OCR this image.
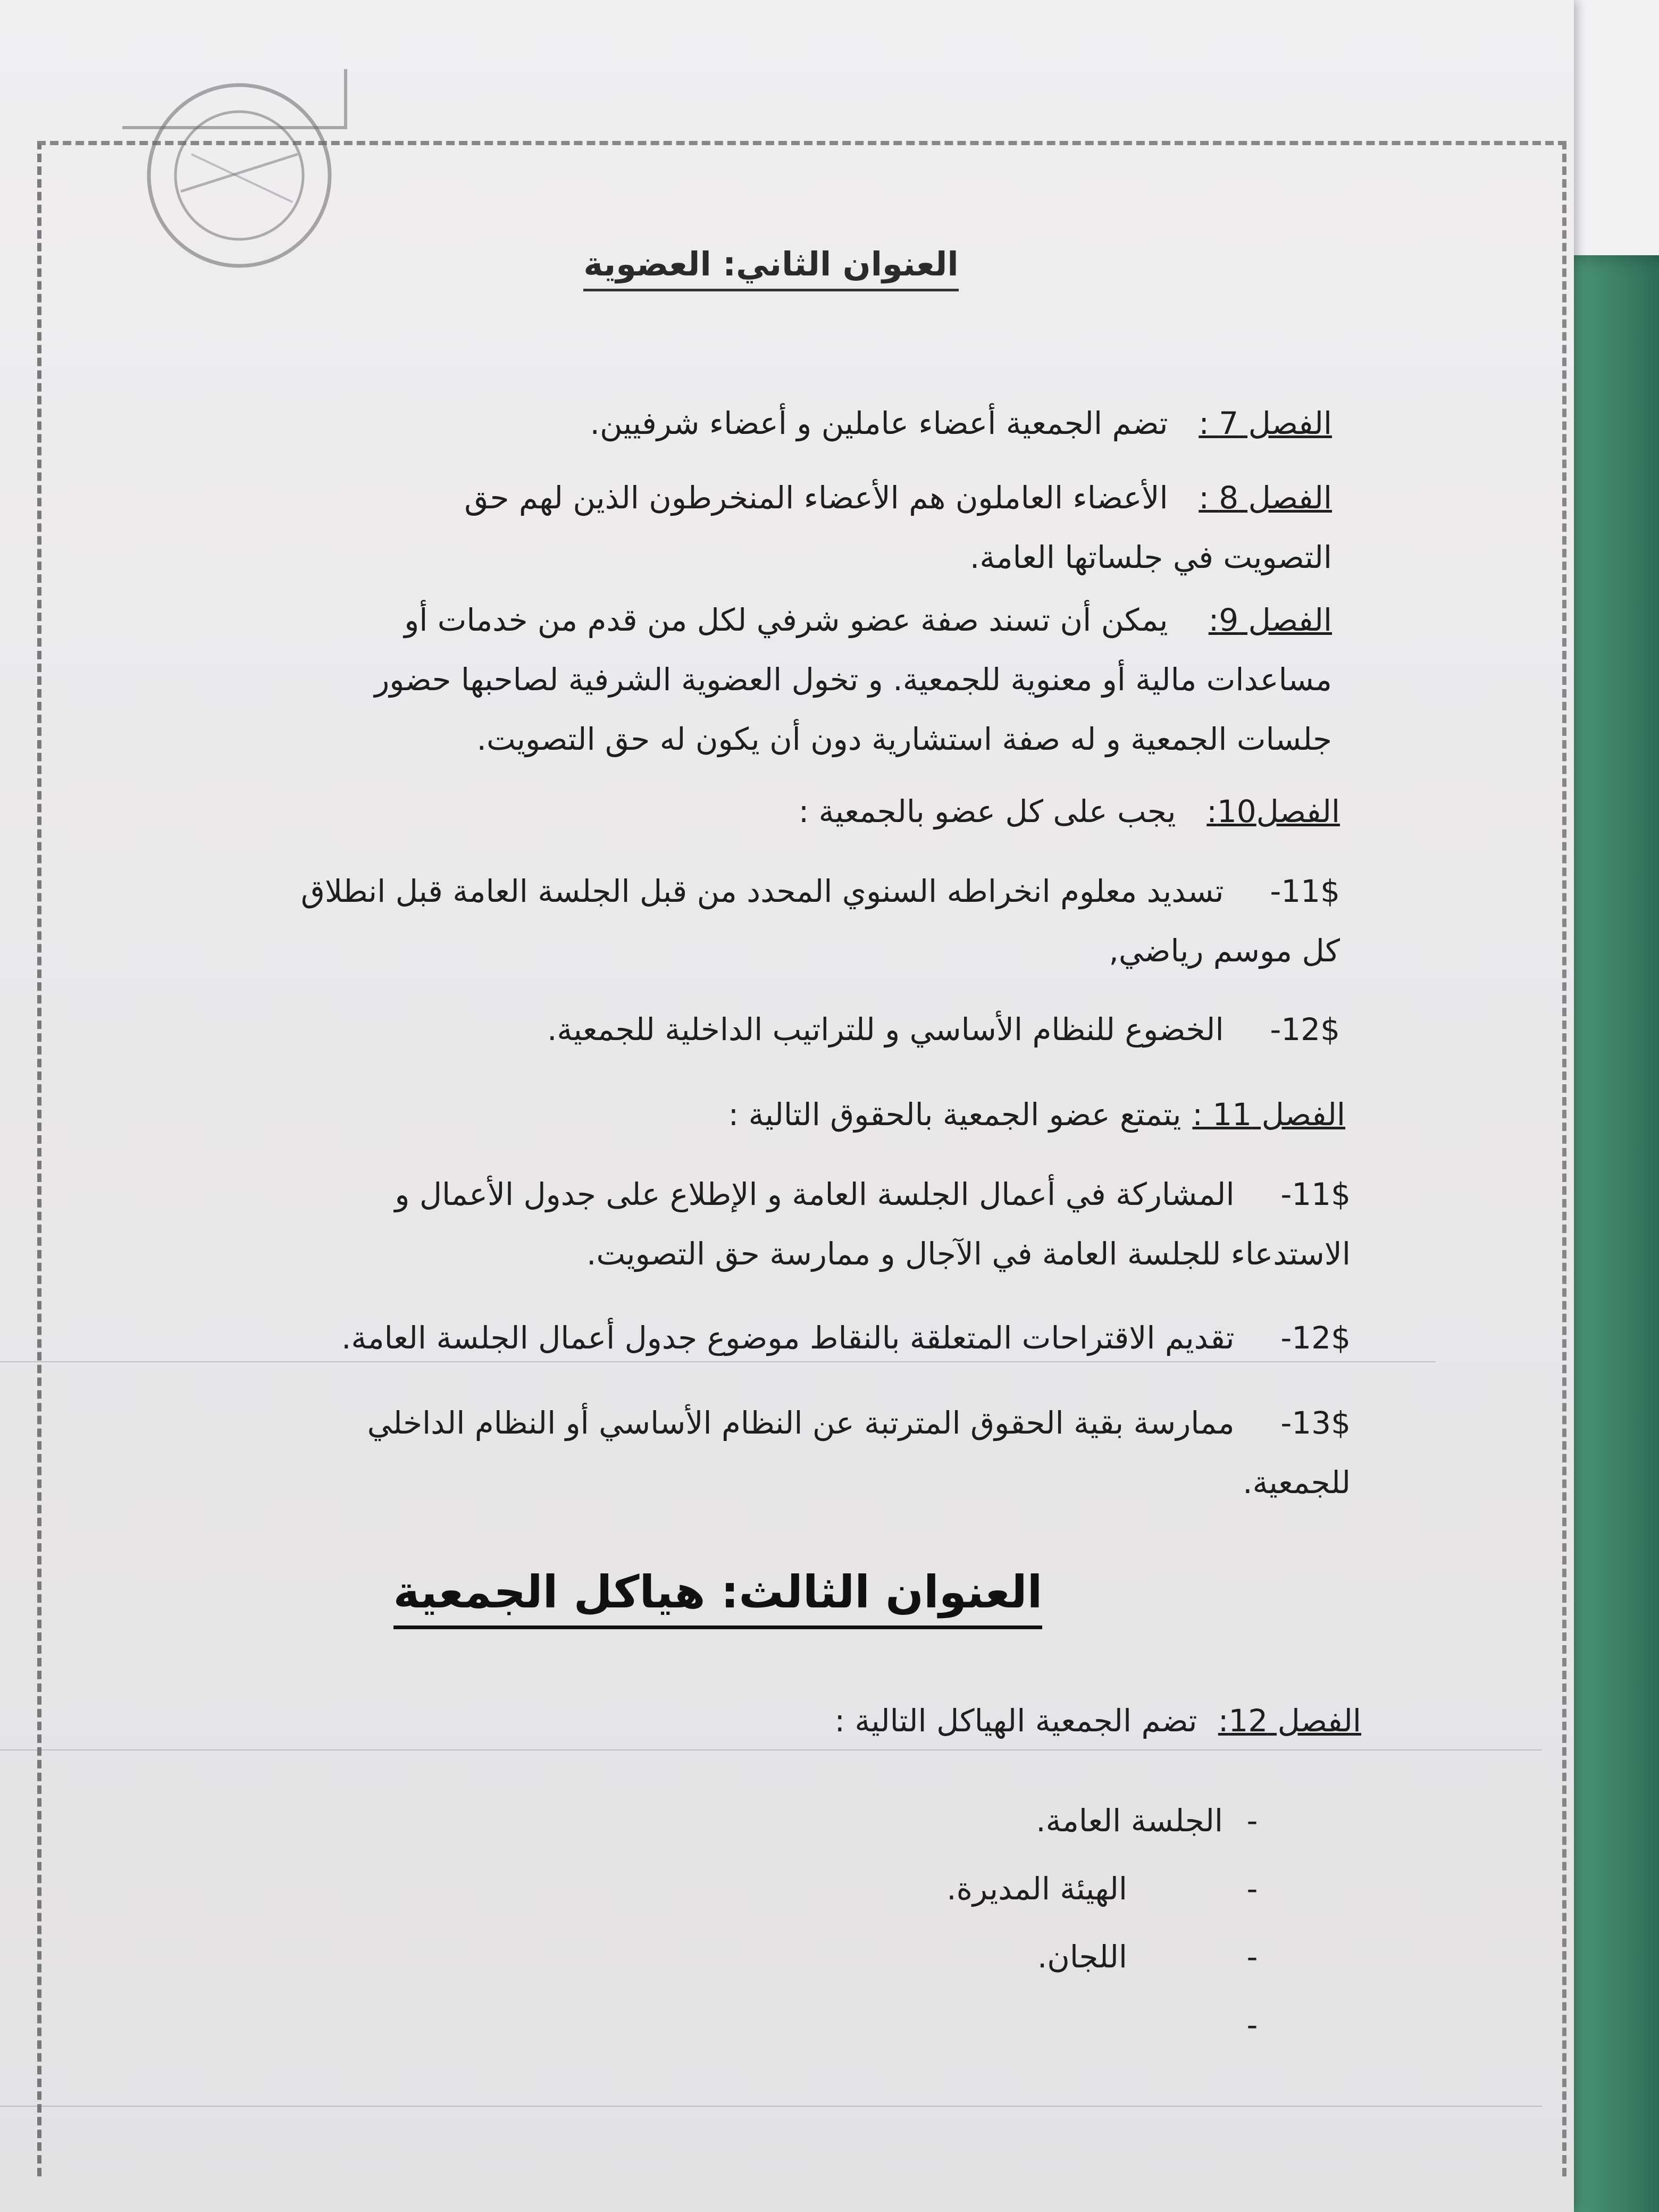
العنوان الثاني: العضوية
الفصل 7 : تضم الجمعية أعضاء عاملين و أعضاء شرفيين.
الفصل 8 : الأعضاء العاملون هم الأعضاء المنخرطون الذين لهم حق
التصويت في جلساتها العامة.
الفصل 9: يمكن أن تسند صفة عضو شرفي لكل من قدم من خدمات أو
مساعدات مالية أو معنوية للجمعية. و تخول العضوية الشرفية لصاحبها حضور
جلسات الجمعية و له صفة استشارية دون أن يكون له حق التصويت.
الفصل10: يجب على كل عضو بالجمعية :
11$- تسديد معلوم انخراطه السنوي المحدد من قبل الجلسة العامة قبل انطلاق
كل موسم رياضي,
12$- الخضوع للنظام الأساسي و للتراتيب الداخلية للجمعية.
الفصل 11 : يتمتع عضو الجمعية بالحقوق التالية :
11$- المشاركة في أعمال الجلسة العامة و الإطلاع على جدول الأعمال و
الاستدعاء للجلسة العامة في الآجال و ممارسة حق التصويت.
12$- تقديم الاقتراحات المتعلقة بالنقاط موضوع جدول أعمال الجلسة العامة.
13$- ممارسة بقية الحقوق المترتبة عن النظام الأساسي أو النظام الداخلي
للجمعية.
العنوان الثالث: هياكل الجمعية
الفصل 12: تضم الجمعية الهياكل التالية :
-الجلسة العامة.
-الهيئة المديرة.
-اللجان.
-
